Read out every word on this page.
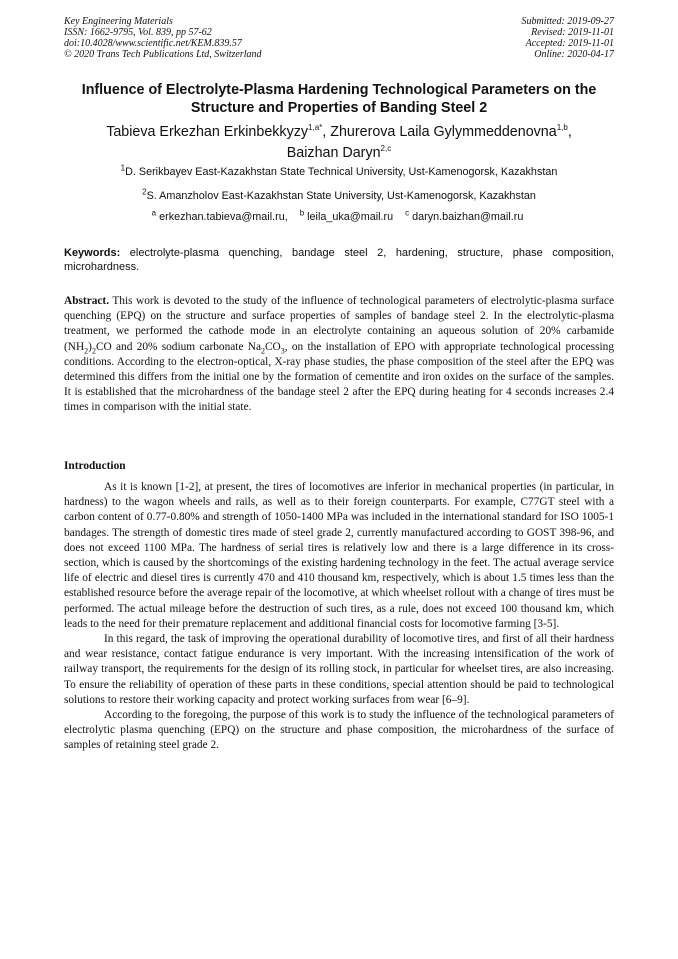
Key Engineering Materials
ISSN: 1662-9795, Vol. 839, pp 57-62
doi:10.4028/www.scientific.net/KEM.839.57
© 2020 Trans Tech Publications Ltd, Switzerland
Submitted: 2019-09-27
Revised: 2019-11-01
Accepted: 2019-11-01
Online: 2020-04-17
Influence of Electrolyte-Plasma Hardening Technological Parameters on the Structure and Properties of Banding Steel 2
Tabieva Erkezhan Erkinbekkyzy$^{1,a*}$, Zhurerova Laila Gylymmeddenovna$^{1,b}$,
Baizhan Daryn$^{2,c}$
$^1$D. Serikbayev East-Kazakhstan State Technical University, Ust-Kamenogorsk, Kazakhstan
$^2$S. Amanzholov East-Kazakhstan State University, Ust-Kamenogorsk, Kazakhstan
$^a$ erkezhan.tabieva@mail.ru, $^b$ leila_uka@mail.ru $^c$ daryn.baizhan@mail.ru
Keywords: electrolyte-plasma quenching, bandage steel 2, hardening, structure, phase composition, microhardness.
Abstract. This work is devoted to the study of the influence of technological parameters of electrolytic-plasma surface quenching (EPQ) on the structure and surface properties of samples of bandage steel 2. In the electrolytic-plasma treatment, we performed the cathode mode in an electrolyte containing an aqueous solution of 20% carbamide $(NH_2)_2CO$ and 20% sodium carbonate $Na_2CO_3$, on the installation of EPO with appropriate technological processing conditions. According to the electron-optical, X-ray phase studies, the phase composition of the steel after the EPQ was determined this differs from the initial one by the formation of cementite and iron oxides on the surface of the samples. It is established that the microhardness of the bandage steel 2 after the EPQ during heating for 4 seconds increases 2.4 times in comparison with the initial state.
Introduction

As it is known [1-2], at present, the tires of locomotives are inferior in mechanical properties (in particular, in hardness) to the wagon wheels and rails, as well as to their foreign counterparts. For example, C77GT steel with a carbon content of 0.77-0.80% and strength of 1050-1400 MPa was included in the international standard for ISO 1005-1 bandages. The strength of domestic tires made of steel grade 2, currently manufactured according to GOST 398-96, and does not exceed 1100 MPa. The hardness of serial tires is relatively low and there is a large difference in its cross-section, which is caused by the shortcomings of the existing hardening technology in the feet. The actual average service life of electric and diesel tires is currently 470 and 410 thousand km, respectively, which is about 1.5 times less than the established resource before the average repair of the locomotive, at which wheelset rollout with a change of tires must be performed. The actual mileage before the destruction of such tires, as a rule, does not exceed 100 thousand km, which leads to the need for their premature replacement and additional financial costs for locomotive farming [3-5].

In this regard, the task of improving the operational durability of locomotive tires, and first of all their hardness and wear resistance, contact fatigue endurance is very important. With the increasing intensification of the work of railway transport, the requirements for the design of its rolling stock, in particular for wheelset tires, are also increasing. To ensure the reliability of operation of these parts in these conditions, special attention should be paid to technological solutions to restore their working capacity and protect working surfaces from wear [6–9].

According to the foregoing, the purpose of this work is to study the influence of the technological parameters of electrolytic plasma quenching (EPQ) on the structure and phase composition, the microhardness of the surface of samples of retaining steel grade 2.
